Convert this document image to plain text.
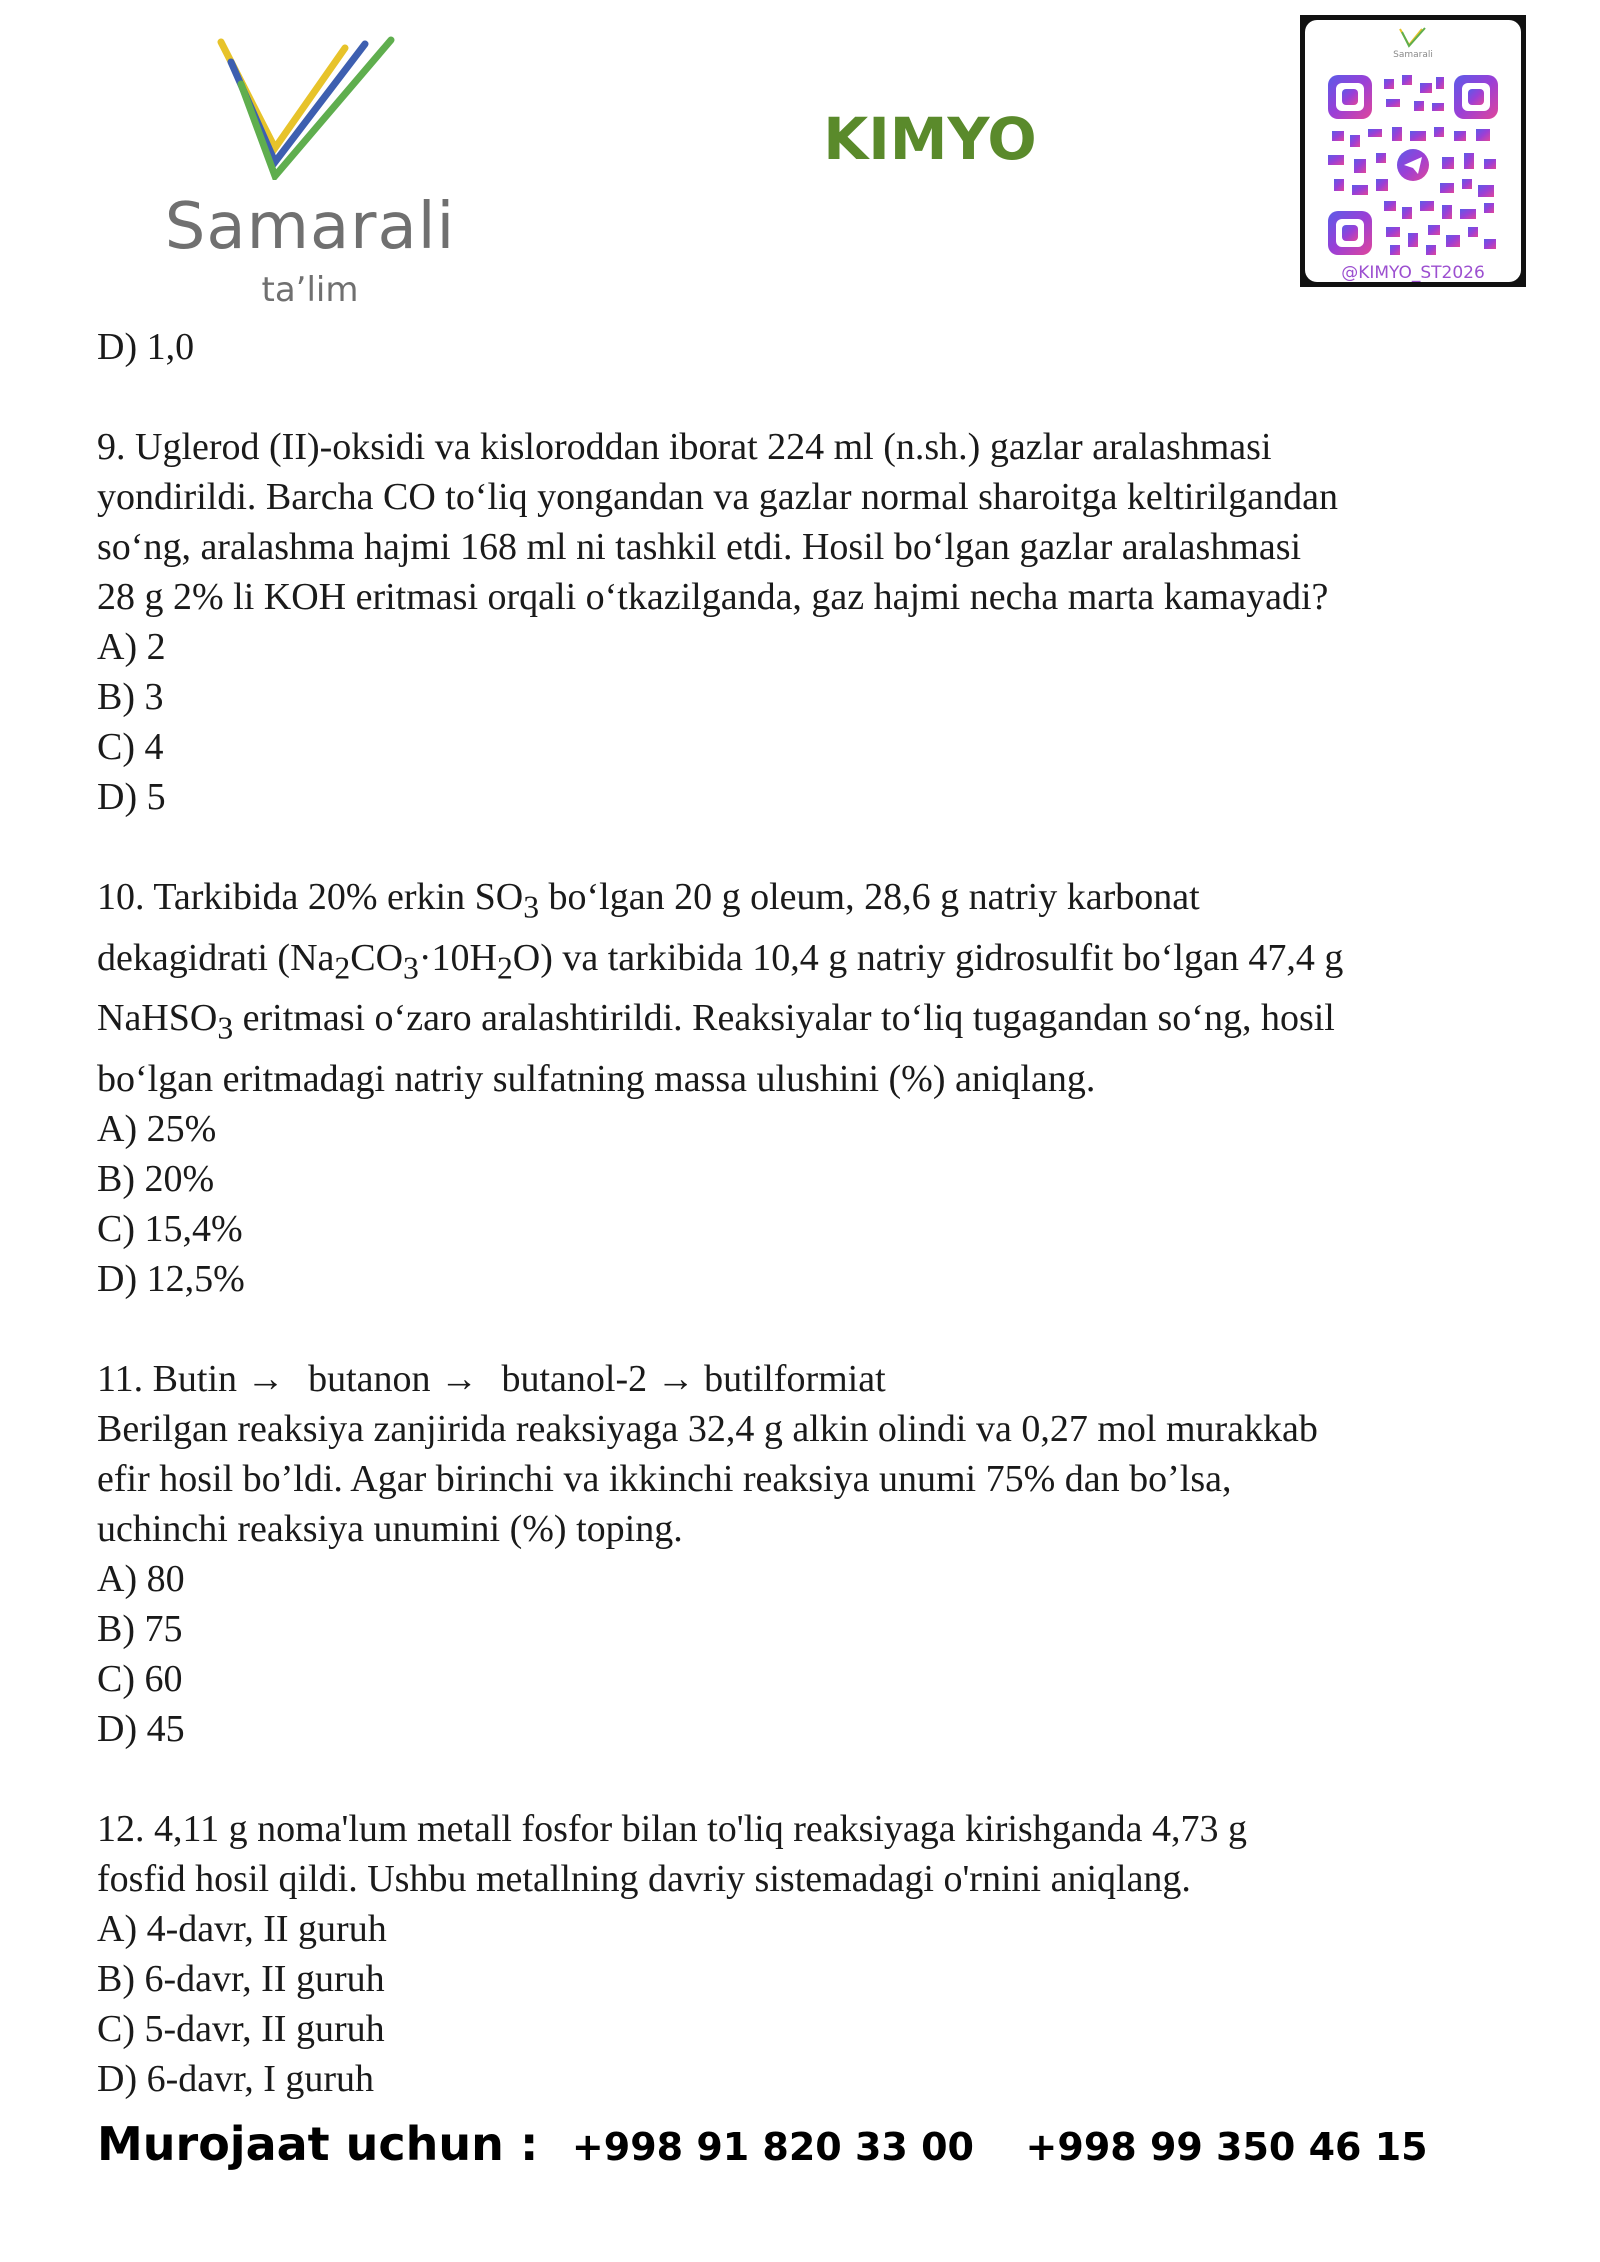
Samarali
ta’lim
KIMYO
Samarali
@KIMYO_ST2026

D) 1,0

9. Uglerod (II)-oksidi va kisloroddan iborat 224 ml (n.sh.) gazlar aralashmasi

yondirildi. Barcha CO to‘liq yongandan va gazlar normal sharoitga keltirilgandan

so‘ng, aralashma hajmi 168 ml ni tashkil etdi. Hosil bo‘lgan gazlar aralashmasi

28 g 2% li KOH eritmasi orqali o‘tkazilganda, gaz hajmi necha marta kamayadi?

A) 2

B) 3

C) 4

D) 5

10. Tarkibida 20% erkin $SO_3$ bo‘lgan 20 g oleum, 28,6 g natriy karbonat

dekagidrati $(Na_2CO_3\cdot 10H_2O)$ va tarkibida 10,4 g natriy gidrosulfit bo‘lgan 47,4 g

NaHSO$_3$ eritmasi o‘zaro aralashtirildi. Reaksiyalar to‘liq tugagandan so‘ng, hosil

bo‘lgan eritmadagi natriy sulfatning massa ulushini (%) aniqlang.

A) 25%

B) 20%

C) 15,4%

D) 12,5%

11. Butin → butanon → butanol-2 → butilformiat

Berilgan reaksiya zanjirida reaksiyaga 32,4 g alkin olindi va 0,27 mol murakkab

efir hosil bo’ldi. Agar birinchi va ikkinchi reaksiya unumi 75% dan bo’lsa,

uchinchi reaksiya unumini (%) toping.

A) 80

B) 75

C) 60

D) 45

12. 4,11 g noma'lum metall fosfor bilan to'liq reaksiyaga kirishganda 4,73 g

fosfid hosil qildi. Ushbu metallning davriy sistemadagi o'rnini aniqlang.

A) 4-davr, II guruh

B) 6-davr, II guruh

C) 5-davr, II guruh

D) 6-davr, I guruh

Murojaat uchun : +998 91 820 33 00 +998 99 350 46 15
